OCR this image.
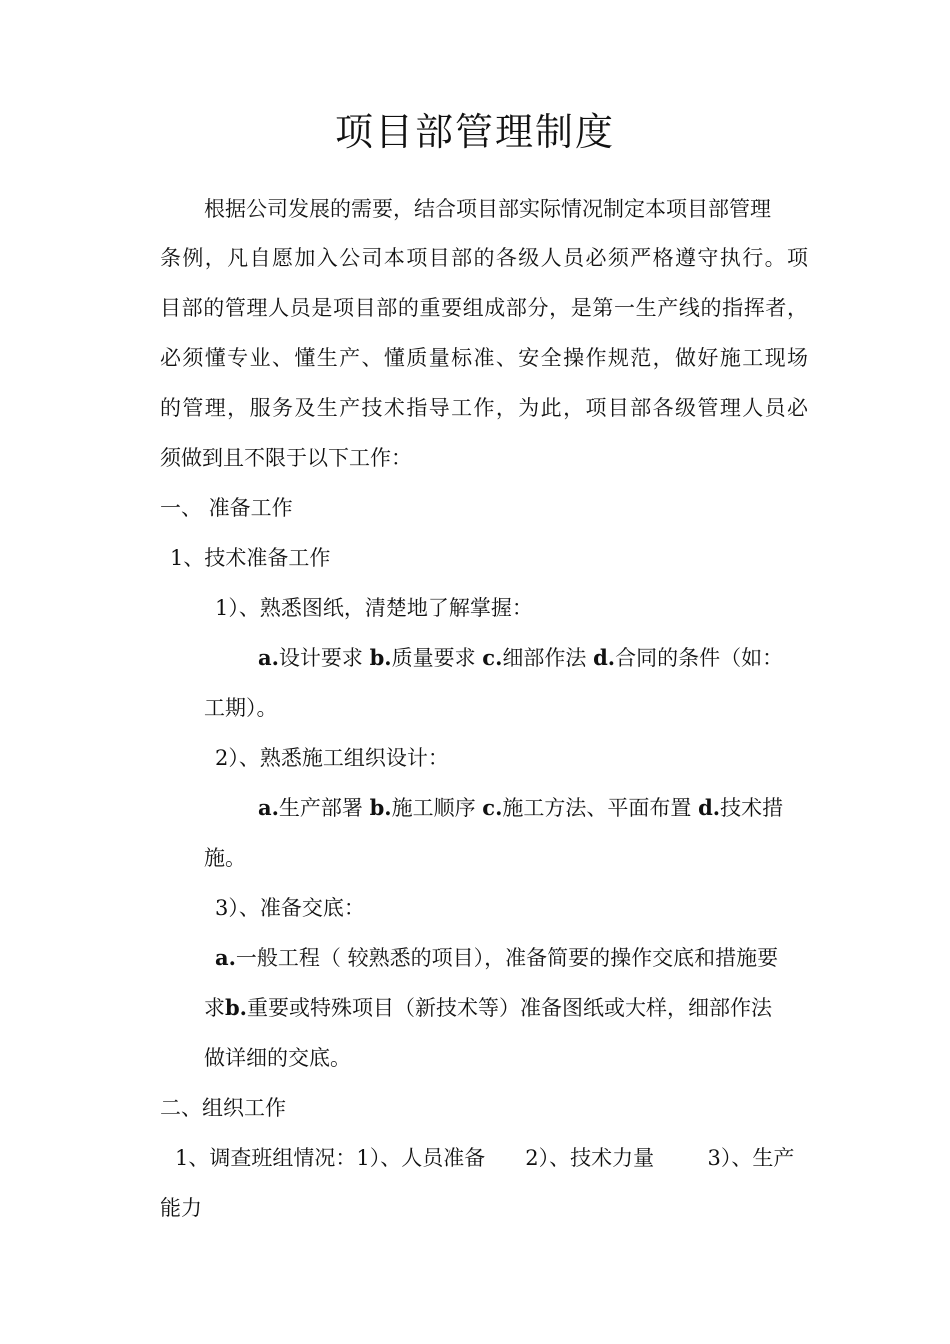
项目部管理制度
根据公司发展的需要，结合项目部实际情况制定本项目部管理
条例，凡自愿加入公司本项目部的各级人员必须严格遵守执行。项
目部的管理人员是项目部的重要组成部分，是第一生产线的指挥者，
必须懂专业、懂生产、懂质量标准、安全操作规范，做好施工现场
的管理，服务及生产技术指导工作，为此，项目部各级管理人员必
须做到且不限于以下工作：
一、 准备工作
1、技术准备工作
1）、熟悉图纸，清楚地了解掌握：
a.设计要求 b.质量要求 c.细部作法 d.合同的条件（如：
工期）。
2）、熟悉施工组织设计：
a.生产部署 b.施工顺序 c.施工方法、平面布置 d.技术措
施。
3）、准备交底：
a.一般工程（ 较熟悉的项目），准备简要的操作交底和措施要
求b.重要或特殊项目（新技术等）准备图纸或大样，细部作法
做详细的交底。
二、组织工作
1、调查班组情况：1）、人员准备      2）、技术力量        3）、生产
能力
